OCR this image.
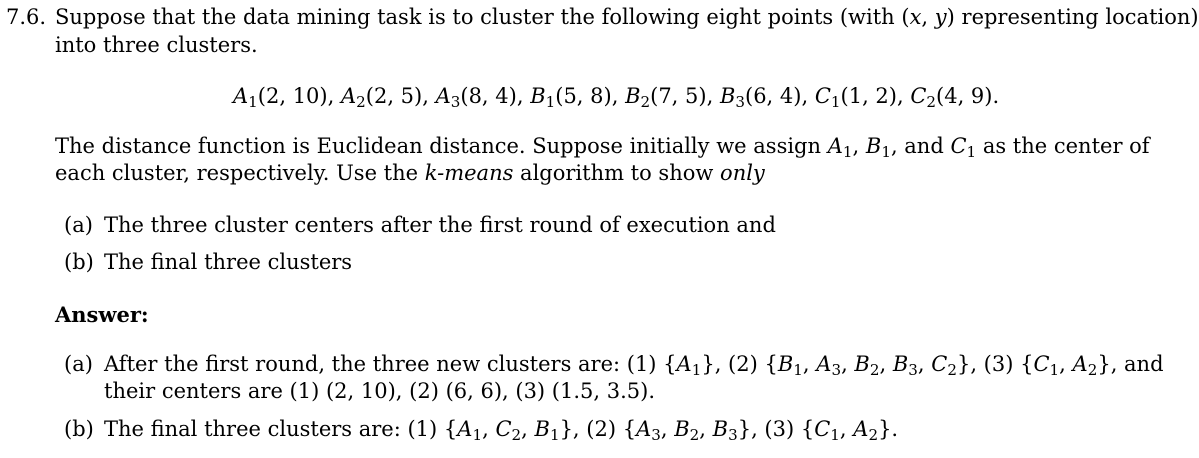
7.6. Suppose that the data mining task is to cluster the following eight points (with (x, y) representing location)
into three clusters.
$A_1(2$, 10), $A_2(2$, 5), $A_3(8$, 4), $B_1(5$, 8), $B_2(7$, 5), $B_3(6$, 4), $C_1(1$, 2), $C_2(4$, 9).
The distance function is Euclidean distance. Suppose initially we assign $A_1$, $B_1$, and $C_1$ as the center of
each cluster, respectively. Use the k-means algorithm to show only
(a) The three cluster centers after the first round of execution and
(b) The final three clusters
Answer:
(a) After the first round, the three new clusters are: (1) $\{A_1\}$, (2) {$B_1$, $A_3$, $B_2$, $B_3$, $C_2$}, (3) {$C_1$, $A_2$}, and
their centers are (1) (2, 10), (2) (6, 6), (3) (1.5, 3.5).
(b) The final three clusters are: (1) {$A_1$, $C_2$, $B_1$}, (2) {$A_3$, $B_2$, $B_3$}, (3) {$C_1$, $A_2$}.
